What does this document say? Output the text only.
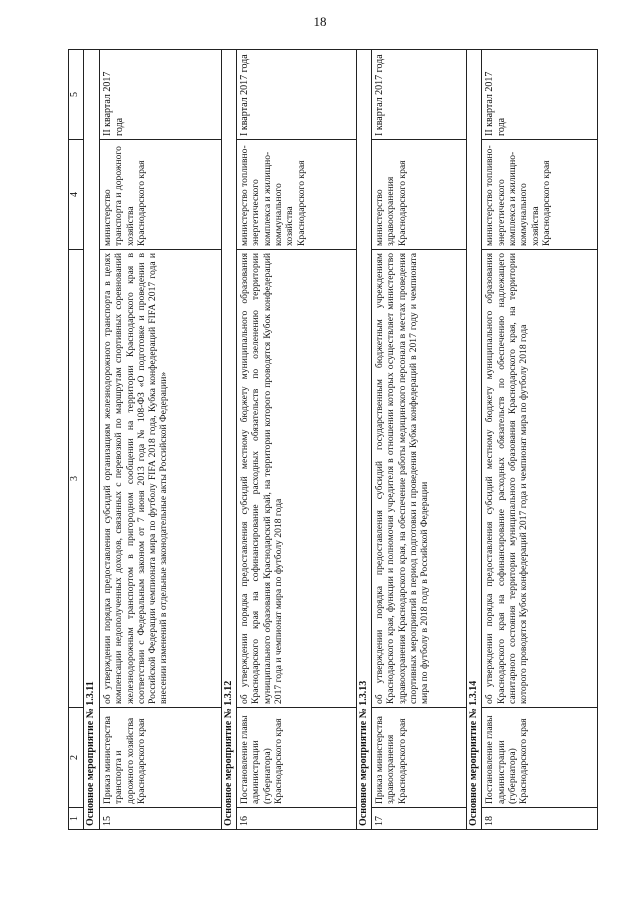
18
1	2	3	4	5
Основное мероприятие № 1.3.11				
15	Приказ министерства транспорта и дорожного хозяйства Краснодарского края	об утверждении порядка предоставления субсидий организациям железнодорожного транспорта в целях компенсации недополученных доходов, связанных с перевозкой по маршрутам спортивных соревнований железнодорожным транспортом в пригородном сообщении на территории Краснодарского края в соответствии с Федеральным законом от 7 июня 2013 года № 108-ФЗ «О подготовке и проведении в Российской Федерации чемпионата мира по футболу FIFA 2018 года, Кубка конфедераций FIFA 2017 года и внесении изменений в отдельные законодательные акты Российской Федерации»	министерство транспорта и дорожного хозяйства Краснодарского края	II квартал 2017 года
Основное мероприятие № 1.3.12				
16	Постановление главы администрации (губернатора) Краснодарского края	об утверждении порядка предоставления субсидий местному бюджету муниципального образования Краснодарского края на софинансирование расходных обязательств по озеленению территории муниципального образования Краснодарский край, на территории которого проводятся Кубок конфедераций 2017 года и чемпионат мира по футболу 2018 года	министерство топливно-энергетического комплекса и жилищно-коммунального хозяйства Краснодарского края	I квартал 2017 года
Основное мероприятие № 1.3.13				
17	Приказ министерства здравоохранения Краснодарского края	об утверждении порядка предоставления субсидий государственным бюджетным учреждениям Краснодарского края, функции и полномочия учредителя в отношении которых осуществляет министерство здравоохранения Краснодарского края, на обеспечение работы медицинского персонала в местах проведения спортивных мероприятий в период подготовки и проведения Кубка конфедераций в 2017 году и чемпионата мира по футболу в 2018 году в Российской Федерации	министерство здравоохранения Краснодарского края	I квартал 2017 года
Основное мероприятие № 1.3.14				
18	Постановление главы администрации (губернатора) Краснодарского края	об утверждении порядка предоставления субсидий местному бюджету муниципального образования Краснодарского края на софинансирование расходных обязательств по обеспечению надлежащего санитарного состояния территории муниципального образования Краснодарского края, на территории которого проводятся Кубок конфедераций 2017 года и чемпионат мира по футболу 2018 года	министерство топливно-энергетического комплекса и жилищно-коммунального хозяйства Краснодарского края	II квартал 2017 года
